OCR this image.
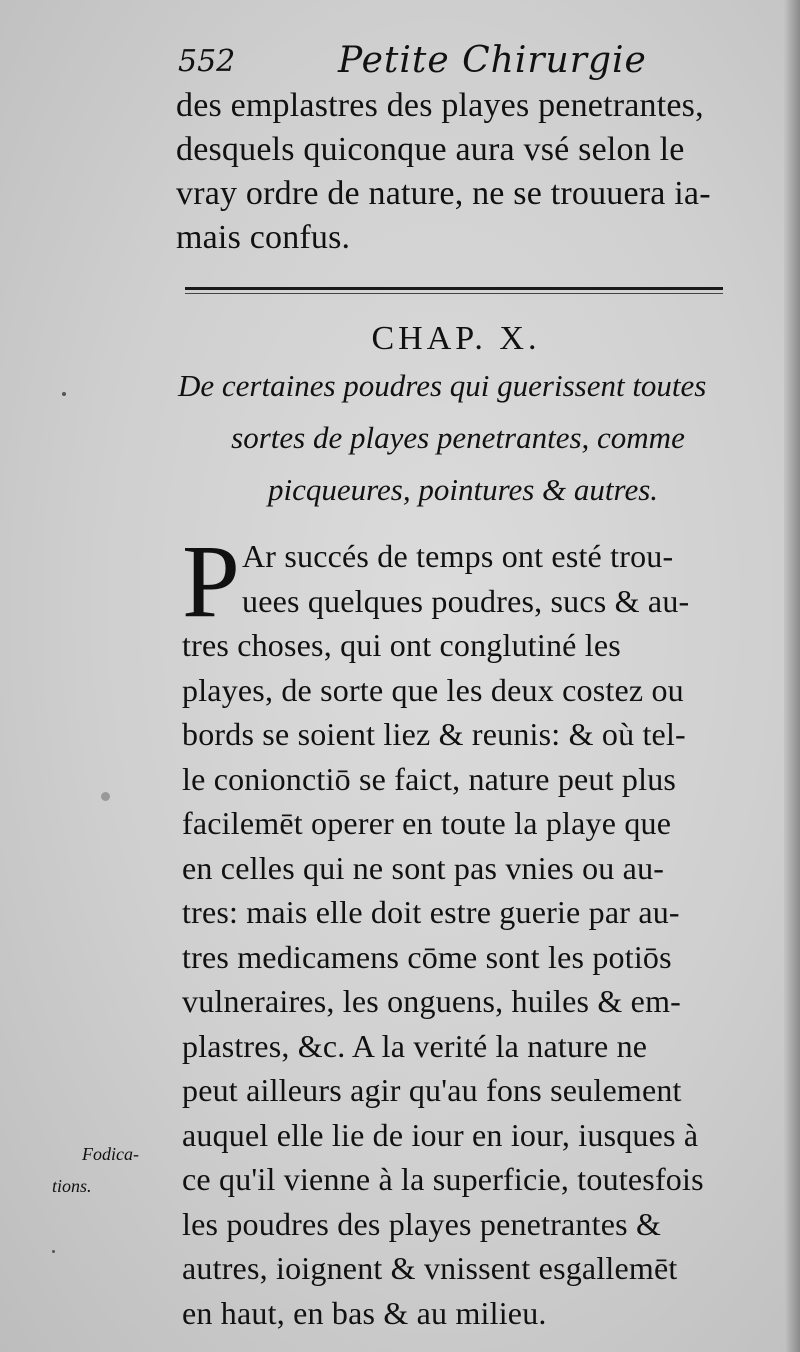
552	Petite Chirurgie
des emplastres des playes penetrantes,
desquels quiconque aura vsé selon le
vray ordre de nature, ne se trouuera ia-
mais confus.
CHAP. X.
De certaines poudres qui guerissent toutes
sortes de playes penetrantes, comme
picqueures, pointures & autres.
P Ar succés de temps ont esté trou-
uees quelques poudres, sucs & au-
tres choses, qui ont conglutiné les
playes, de sorte que les deux costez ou
bords se soient liez & reunis: & où tel-
le conionctiō se faict, nature peut plus
facilemēt operer en toute la playe que
en celles qui ne sont pas vnies ou au-
tres: mais elle doit estre guerie par au-
tres medicamens cōme sont les potiōs
vulneraires, les onguens, huiles & em-
plastres, &c. A la verité la nature ne
peut ailleurs agir qu'au fons seulement
auquel elle lie de iour en iour, iusques à
ce qu'il vienne à la superficie, toutesfois
les poudres des playes penetrantes &
autres, ioignent & vnissent esgallemēt
en haut, en bas & au milieu.
Fodica-
tions.
